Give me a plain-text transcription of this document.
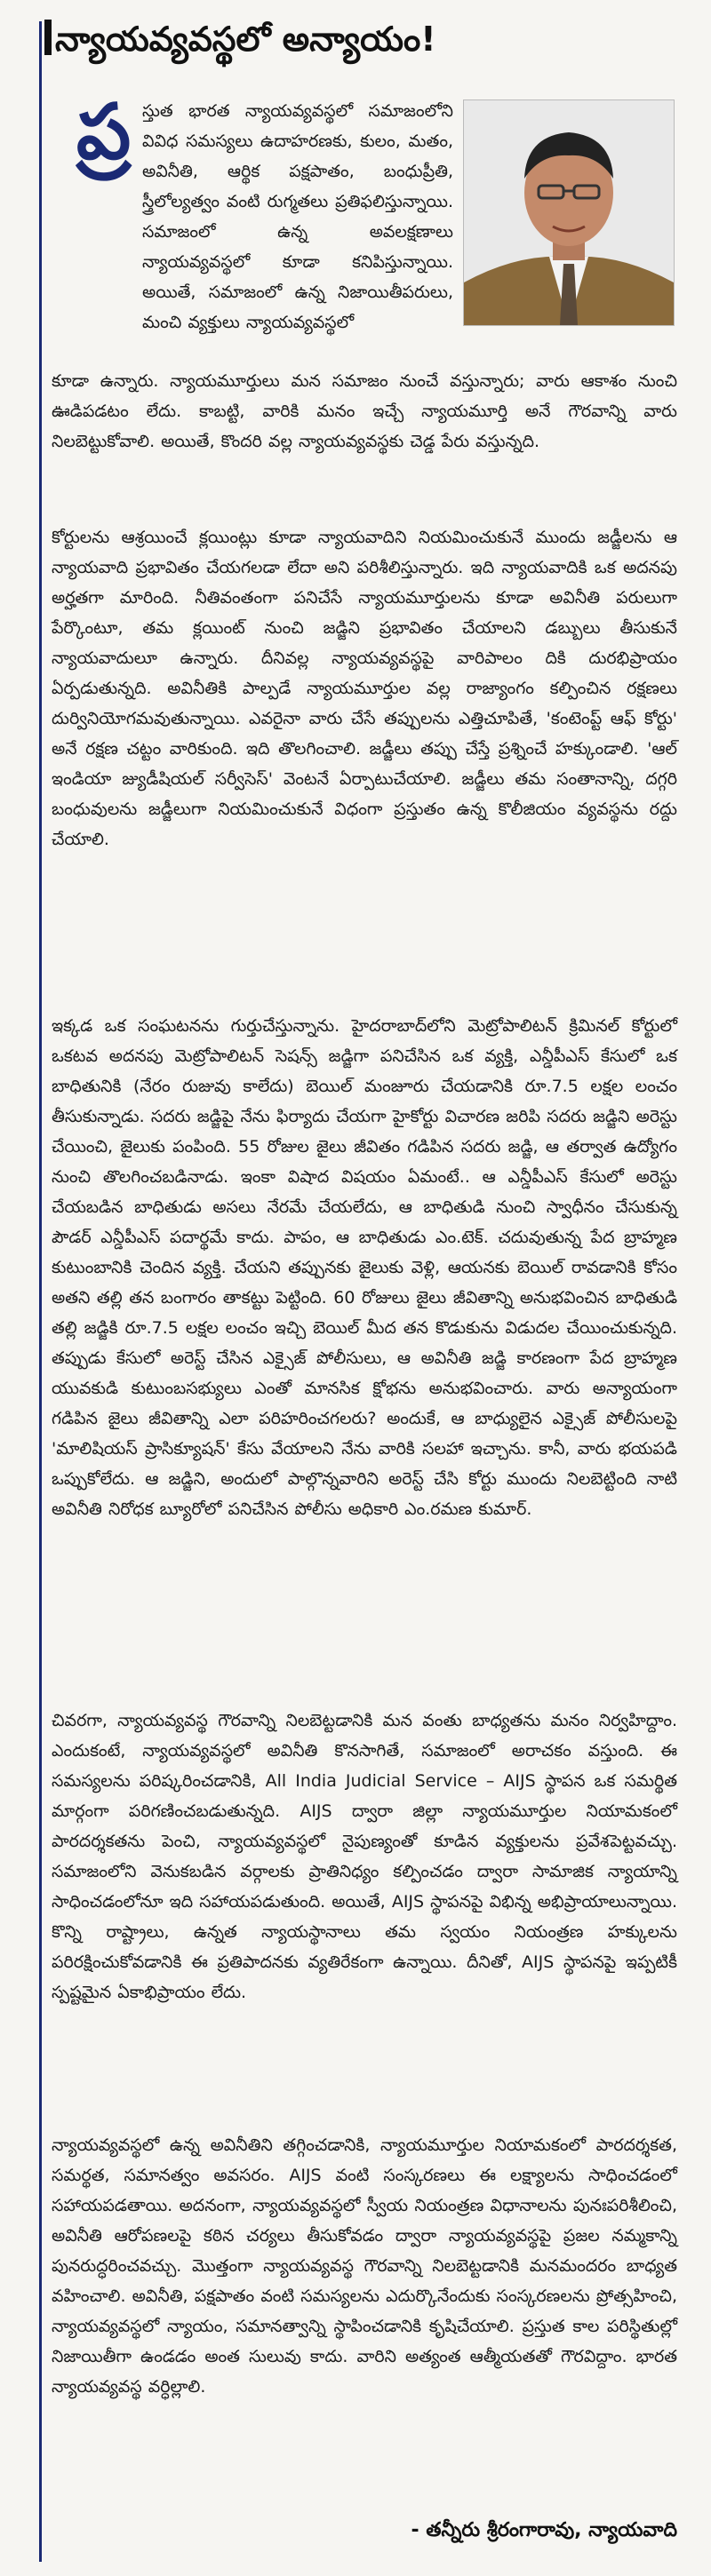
న్యాయవ్యవస్థలో అన్యాయం!
ప్ర స్తుత భారత న్యాయవ్యవస్థలో సమాజంలోని వివిధ సమస్యలు ఉదాహరణకు, కులం, మతం, అవినీతి, ఆర్థిక పక్షపాతం, బంధుప్రీతి, స్త్రీలోల్యత్వం వంటి రుగ్మతలు ప్రతిఫలిస్తున్నాయి. సమాజంలో ఉన్న అవలక్షణాలు న్యాయవ్యవస్థలో కూడా కనిపిస్తున్నాయి. అయితే, సమాజంలో ఉన్న నిజాయితీపరులు, మంచి వ్యక్తులు న్యాయవ్యవస్థలో

కూడా ఉన్నారు. న్యాయమూర్తులు మన సమాజం నుంచే వస్తున్నారు; వారు ఆకాశం నుంచి ఊడిపడటం లేదు. కాబట్టి, వారికి మనం ఇచ్చే న్యాయమూర్తి అనే గౌరవాన్ని వారు నిలబెట్టుకోవాలి. అయితే, కొందరి వల్ల న్యాయవ్యవస్థకు చెడ్డ పేరు వస్తున్నది.

కోర్టులను ఆశ్రయించే క్లయింట్లు కూడా న్యాయవాదిని నియమించుకునే ముందు జడ్జీలను ఆ న్యాయవాది ప్రభావితం చేయగలడా లేదా అని పరిశీలిస్తున్నారు. ఇది న్యాయవాదికి ఒక అదనపు అర్హతగా మారింది. నీతివంతంగా పనిచేసే న్యాయమూర్తులను కూడా అవినీతి పరులుగా పేర్కొంటూ, తమ క్లయింట్ నుంచి జడ్జిని ప్రభావితం చేయాలని డబ్బులు తీసుకునే న్యాయవాదులూ ఉన్నారు. దీనివల్ల న్యాయవ్యవస్థపై వారిపాలం దికి దురభిప్రాయం ఏర్పడుతున్నది. అవినీతికి పాల్పడే న్యాయమూర్తుల వల్ల రాజ్యాంగం కల్పించిన రక్షణలు దుర్వినియోగమవుతున్నాయి. ఎవరైనా వారు చేసే తప్పులను ఎత్తిచూపితే, 'కంటెంప్ట్ ఆఫ్ కోర్టు' అనే రక్షణ చట్టం వారికుంది. ఇది తొలగించాలి. జడ్జీలు తప్పు చేస్తే ప్రశ్నించే హక్కుండాలి. 'ఆల్ ఇండియా జ్యుడీషియల్ సర్వీసెస్' వెంటనే ఏర్పాటుచేయాలి. జడ్జీలు తమ సంతానాన్ని, దగ్గరి బంధువులను జడ్జీలుగా నియమించుకునే విధంగా ప్రస్తుతం ఉన్న కొలీజియం వ్యవస్థను రద్దు చేయాలి.

ఇక్కడ ఒక సంఘటనను గుర్తుచేస్తున్నాను. హైదరాబాద్‌లోని మెట్రోపాలిటన్ క్రిమినల్ కోర్టులో ఒకటవ అదనపు మెట్రోపాలిటన్ సెషన్స్ జడ్జిగా పనిచేసిన ఒక వ్యక్తి, ఎన్డీపీఎస్ కేసులో ఒక బాధితునికి (నేరం రుజువు కాలేదు) బెయిల్ మంజూరు చేయడానికి రూ.7.5 లక్షల లంచం తీసుకున్నాడు. సదరు జడ్జిపై నేను ఫిర్యాదు చేయగా హైకోర్టు విచారణ జరిపి సదరు జడ్జిని అరెస్టు చేయించి, జైలుకు పంపింది. 55 రోజుల జైలు జీవితం గడిపిన సదరు జడ్జి, ఆ తర్వాత ఉద్యోగం నుంచి తొలగించబడినాడు. ఇంకా విషాద విషయం ఏమంటే.. ఆ ఎన్డీపీఎస్ కేసులో అరెస్టు చేయబడిన బాధితుడు అసలు నేరమే చేయలేదు, ఆ బాధితుడి నుంచి స్వాధీనం చేసుకున్న పౌడర్ ఎన్డీపీఎస్ పదార్థమే కాదు. పాపం, ఆ బాధితుడు ఎం.టెక్. చదువుతున్న పేద బ్రాహ్మణ కుటుంబానికి చెందిన వ్యక్తి. చేయని తప్పునకు జైలుకు వెళ్లి, ఆయనకు బెయిల్ రావడానికి కోసం అతని తల్లి తన బంగారం తాకట్టు పెట్టింది. 60 రోజులు జైలు జీవితాన్ని అనుభవించిన బాధితుడి తల్లి జడ్జికి రూ.7.5 లక్షల లంచం ఇచ్చి బెయిల్ మీద తన కొడుకును విడుదల చేయించుకున్నది. తప్పుడు కేసులో అరెస్ట్ చేసిన ఎక్సైజ్ పోలీసులు, ఆ అవినీతి జడ్జి కారణంగా పేద బ్రాహ్మణ యువకుడి కుటుంబసభ్యులు ఎంతో మానసిక క్షోభను అనుభవించారు. వారు అన్యాయంగా గడిపిన జైలు జీవితాన్ని ఎలా పరిహరించగలరు? అందుకే, ఆ బాధ్యులైన ఎక్సైజ్ పోలీసులపై 'మాలిషియస్ ప్రాసిక్యూషన్' కేసు వేయాలని నేను వారికి సలహా ఇచ్చాను. కానీ, వారు భయపడి ఒప్పుకోలేదు. ఆ జడ్జిని, అందులో పాల్గొన్నవారిని అరెస్ట్ చేసి కోర్టు ముందు నిలబెట్టింది నాటి అవినీతి నిరోధక బ్యూరోలో పనిచేసిన పోలీసు అధికారి ఎం.రమణ కుమార్.

చివరగా, న్యాయవ్యవస్థ గౌరవాన్ని నిలబెట్టడానికి మన వంతు బాధ్యతను మనం నిర్వహిద్దాం. ఎందుకంటే, న్యాయవ్యవస్థలో అవినీతి కొనసాగితే, సమాజంలో అరాచకం వస్తుంది. ఈ సమస్యలను పరిష్కరించడానికి, All India Judicial Service – AIJS స్థాపన ఒక సమర్థిత మార్గంగా పరిగణించబడుతున్నది. AIJS ద్వారా జిల్లా న్యాయమూర్తుల నియామకంలో పారదర్శకతను పెంచి, న్యాయవ్యవస్థలో నైపుణ్యంతో కూడిన వ్యక్తులను ప్రవేశపెట్టవచ్చు. సమాజంలోని వెనుకబడిన వర్గాలకు ప్రాతినిధ్యం కల్పించడం ద్వారా సామాజిక న్యాయాన్ని సాధించడంలోనూ ఇది సహాయపడుతుంది. అయితే, AIJS స్థాపనపై విభిన్న అభిప్రాయాలున్నాయి. కొన్ని రాష్ట్రాలు, ఉన్నత న్యాయస్థానాలు తమ స్వయం నియంత్రణ హక్కులను పరిరక్షించుకోవడానికి ఈ ప్రతిపాదనకు వ్యతిరేకంగా ఉన్నాయి. దీనితో, AIJS స్థాపనపై ఇప్పటికీ స్పష్టమైన ఏకాభిప్రాయం లేదు.

న్యాయవ్యవస్థలో ఉన్న అవినీతిని తగ్గించడానికి, న్యాయమూర్తుల నియామకంలో పారదర్శకత, సమర్థత, సమానత్వం అవసరం. AIJS వంటి సంస్కరణలు ఈ లక్ష్యాలను సాధించడంలో సహాయపడతాయి. అదనంగా, న్యాయవ్యవస్థలో స్వీయ నియంత్రణ విధానాలను పునఃపరిశీలించి, అవినీతి ఆరోపణలపై కఠిన చర్యలు తీసుకోవడం ద్వారా న్యాయవ్యవస్థపై ప్రజల నమ్మకాన్ని పునరుద్ధరించవచ్చు. మొత్తంగా న్యాయవ్యవస్థ గౌరవాన్ని నిలబెట్టడానికి మనమందరం బాధ్యత వహించాలి. అవినీతి, పక్షపాతం వంటి సమస్యలను ఎదుర్కొనేందుకు సంస్కరణలను ప్రోత్సహించి, న్యాయవ్యవస్థలో న్యాయం, సమానత్వాన్ని స్థాపించడానికి కృషిచేయాలి. ప్రస్తుత కాల పరిస్థితుల్లో నిజాయితీగా ఉండడం అంత సులువు కాదు. వారిని అత్యంత ఆత్మీయతతో గౌరవిద్దాం. భారత న్యాయవ్యవస్థ వర్ధిల్లాలి.

- తన్నీరు శ్రీరంగారావు, న్యాయవాది
